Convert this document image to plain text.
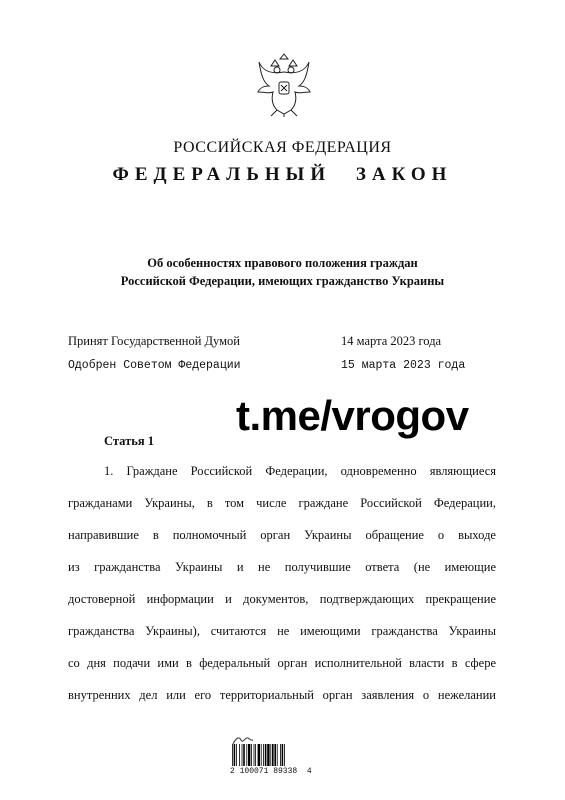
РОССИЙСКАЯ ФЕДЕРАЦИЯ
ФЕДЕРАЛЬНЫЙ ЗАКОН
Об особенностях правового положения граждан
Российской Федерации, имеющих гражданство Украины
Принят Государственной Думой	14 марта 2023 года
Одобрен Советом Федерации	15 марта 2023 года
t.me/vrogov
Статья 1
1. Граждане Российской Федерации, одновременно являющиеся
гражданами Украины, в том числе граждане Российской Федерации,
направившие в полномочный орган Украины обращение о выходе
из гражданства Украины и не получившие ответа (не имеющие
достоверной информации и документов, подтверждающих прекращение
гражданства Украины), считаются не имеющими гражданства Украины
со дня подачи ими в федеральный орган исполнительной власти в сфере
внутренних дел или его территориальный орган заявления о нежелании
2 100071 89338  4
